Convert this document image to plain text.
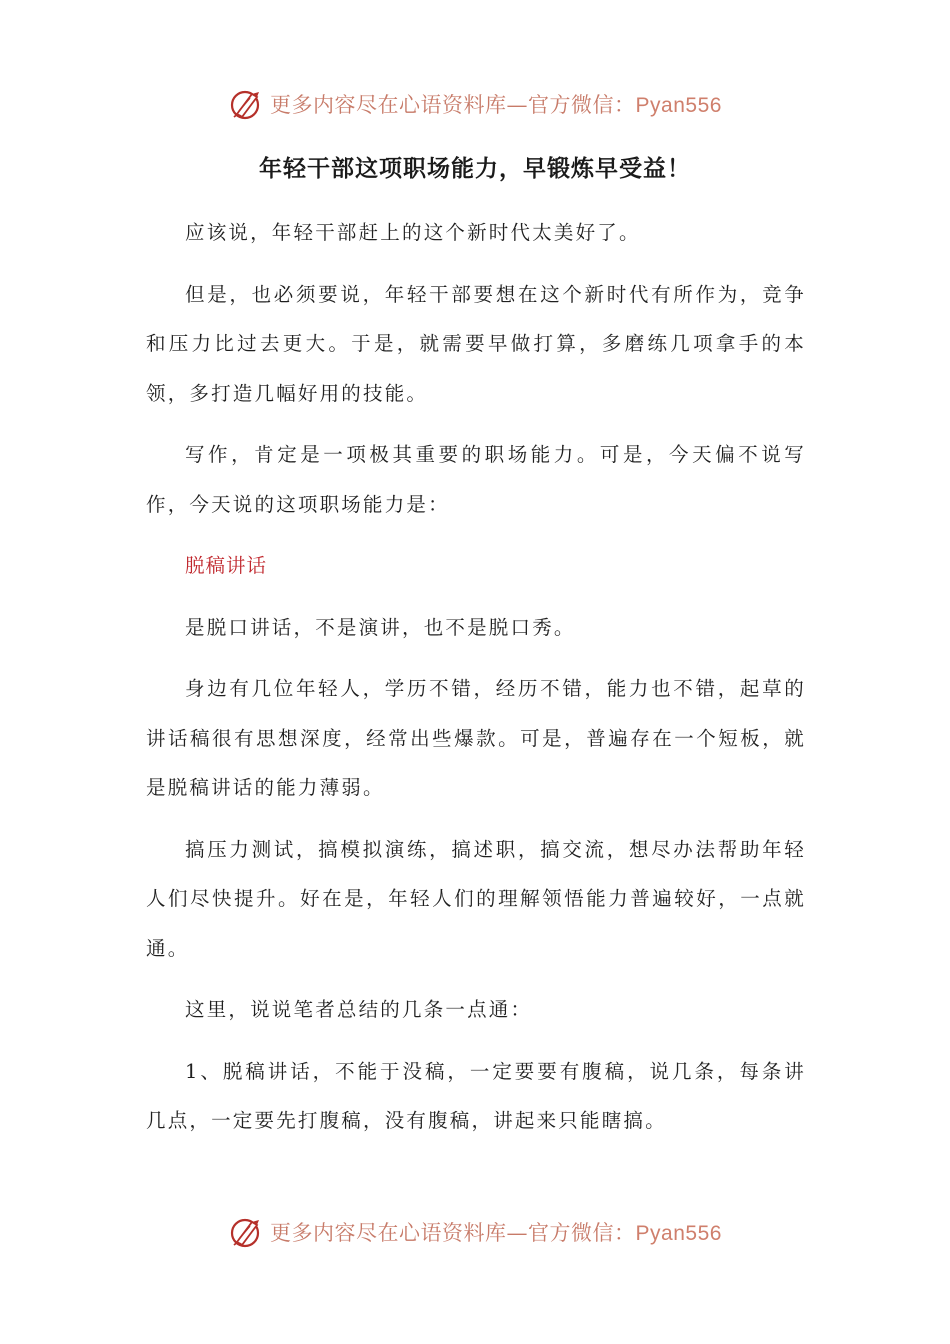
更多内容尽在心语资料库—官方微信：Pyan556
年轻干部这项职场能力，早锻炼早受益！

应该说，年轻干部赶上的这个新时代太美好了。

但是，也必须要说，年轻干部要想在这个新时代有所作为，竞争和压力比过去更大。于是，就需要早做打算，多磨练几项拿手的本领，多打造几幅好用的技能。

写作，肯定是一项极其重要的职场能力。可是，今天偏不说写作，今天说的这项职场能力是：

脱稿讲话

是脱口讲话，不是演讲，也不是脱口秀。

身边有几位年轻人，学历不错，经历不错，能力也不错，起草的讲话稿很有思想深度，经常出些爆款。可是，普遍存在一个短板，就是脱稿讲话的能力薄弱。

搞压力测试，搞模拟演练，搞述职，搞交流，想尽办法帮助年轻人们尽快提升。好在是，年轻人们的理解领悟能力普遍较好，一点就通。

这里，说说笔者总结的几条一点通：

1、脱稿讲话，不能于没稿，一定要要有腹稿，说几条，每条讲几点，一定要先打腹稿，没有腹稿，讲起来只能瞎搞。

更多内容尽在心语资料库—官方微信：Pyan556
